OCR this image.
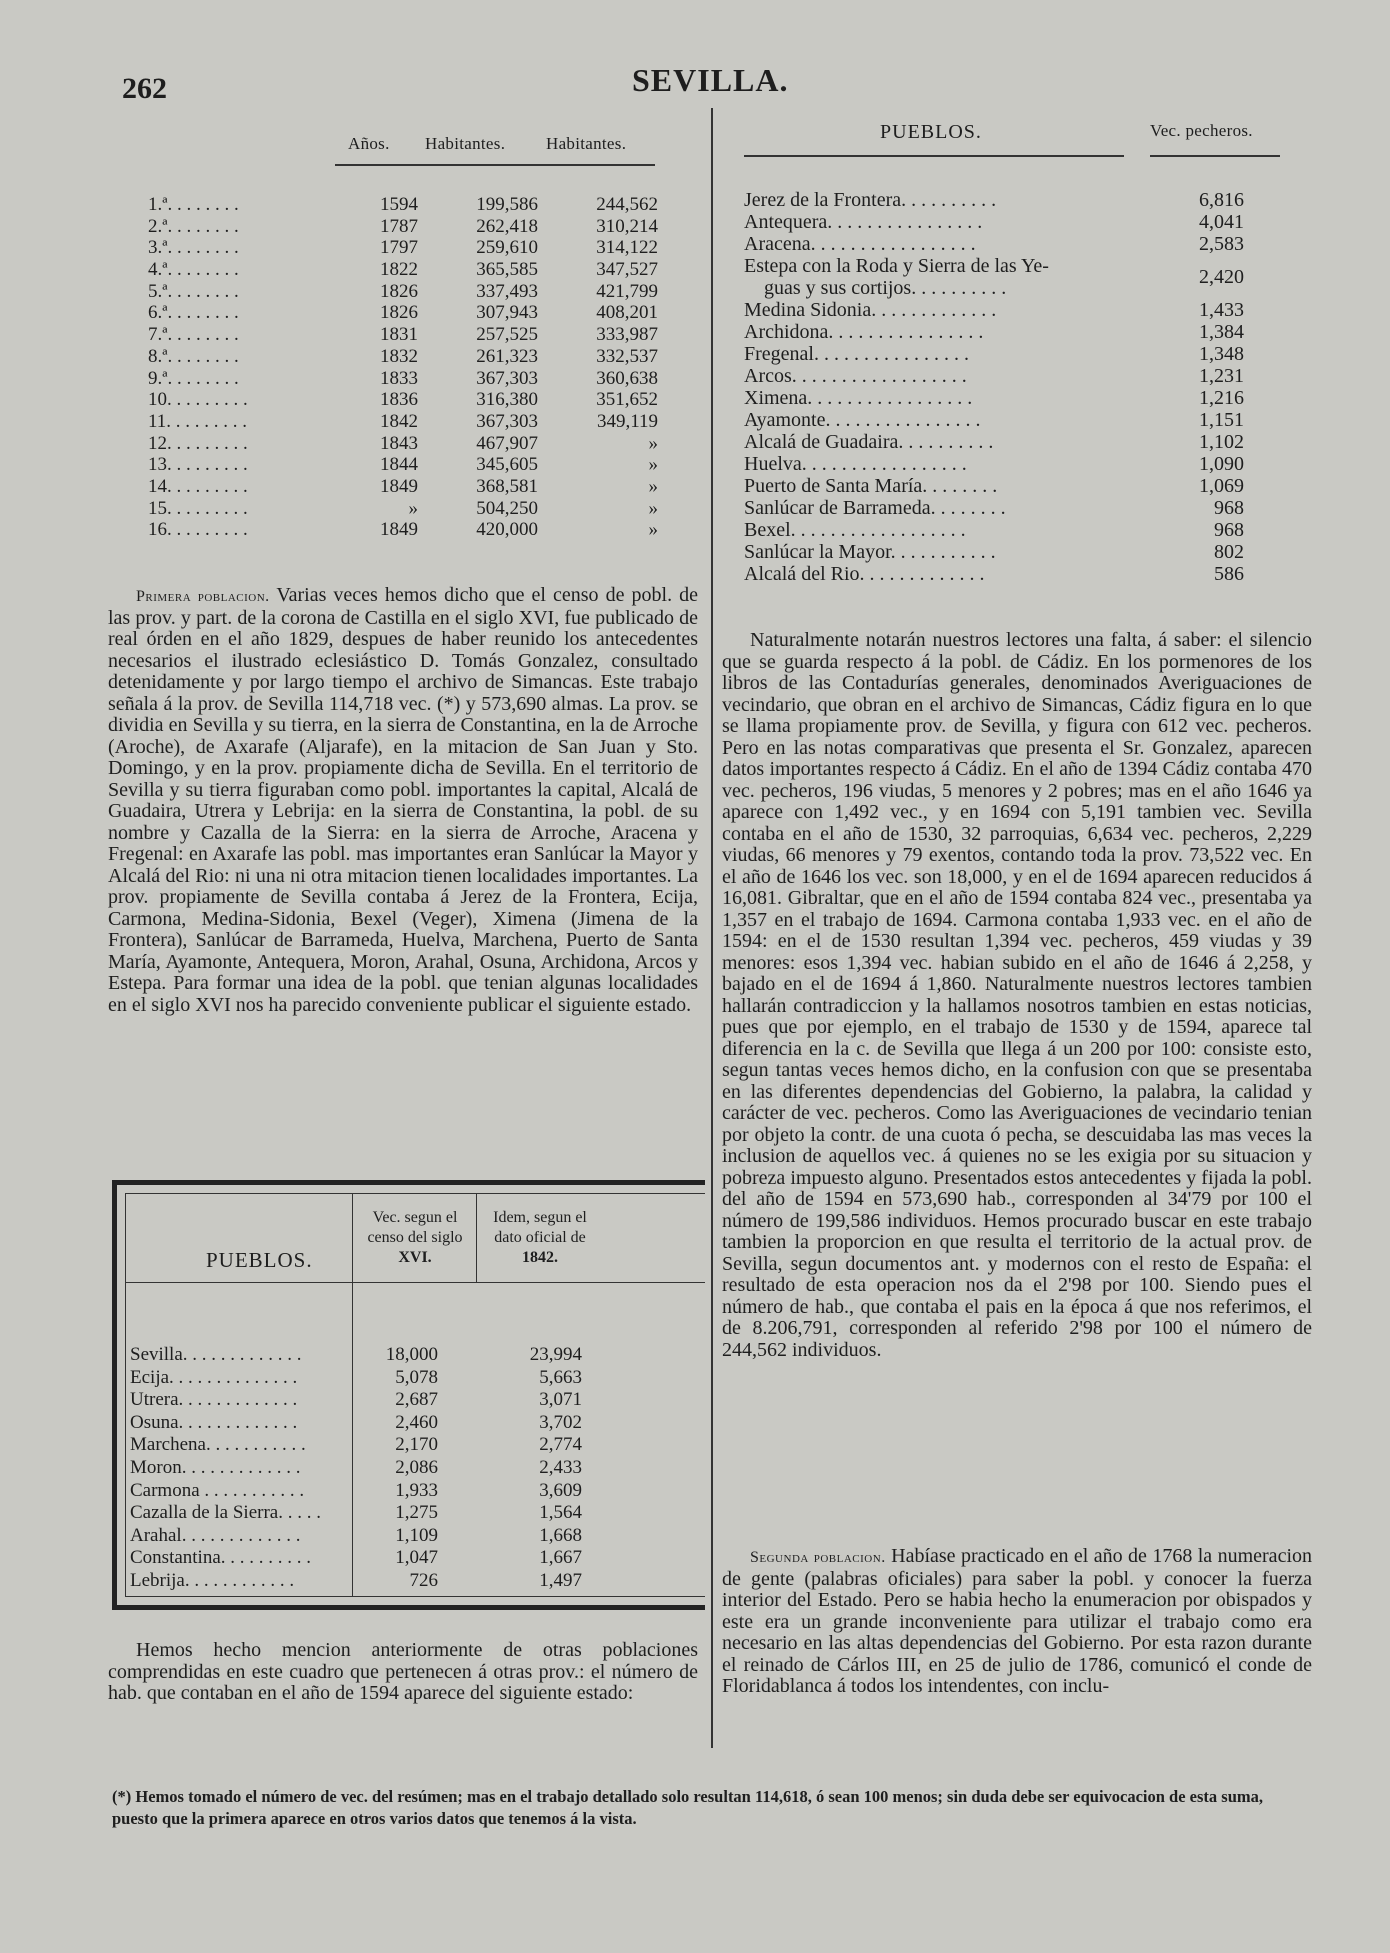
262	SEVILLA.
Años. Habitantes. Habitantes.
1.ª. . . . . . . .	1594	199,586	244,562
2.ª. . . . . . . .	1787	262,418	310,214
3.ª. . . . . . . .	1797	259,610	314,122
4.ª. . . . . . . .	1822	365,585	347,527
5.ª. . . . . . . .	1826	337,493	421,799
6.ª. . . . . . . .	1826	307,943	408,201
7.ª. . . . . . . .	1831	257,525	333,987
8.ª. . . . . . . .	1832	261,323	332,537
9.ª. . . . . . . .	1833	367,303	360,638
10. . . . . . . . .	1836	316,380	351,652
11. . . . . . . . .	1842	367,303	349,119
12. . . . . . . . .	1843	467,907	»
13. . . . . . . . .	1844	345,605	»
14. . . . . . . . .	1849	368,581	»
15. . . . . . . . .	»	504,250	»
16. . . . . . . . .	1849	420,000	»
Primera poblacion. Varias veces hemos dicho que el censo de pobl. de las prov. y part. de la corona de Castilla en el siglo XVI, fue publicado de real órden en el año 1829, despues de haber reunido los antecedentes necesarios el ilustrado eclesiástico D. Tomás Gonzalez, consultado detenidamente y por largo tiempo el archivo de Simancas. Este trabajo señala á la prov. de Sevilla 114,718 vec. (*) y 573,690 almas. La prov. se dividia en Sevilla y su tierra, en la sierra de Constantina, en la de Arroche (Aroche), de Axarafe (Aljarafe), en la mitacion de San Juan y Sto. Domingo, y en la prov. propiamente dicha de Sevilla. En el territorio de Sevilla y su tierra figuraban como pobl. importantes la capital, Alcalá de Guadaira, Utrera y Lebrija: en la sierra de Constantina, la pobl. de su nombre y Cazalla de la Sierra: en la sierra de Arroche, Aracena y Fregenal: en Axarafe las pobl. mas importantes eran Sanlúcar la Mayor y Alcalá del Rio: ni una ni otra mitacion tienen localidades importantes. La prov. propiamente de Sevilla contaba á Jerez de la Frontera, Ecija, Carmona, Medina-Sidonia, Bexel (Veger), Ximena (Jimena de la Frontera), Sanlúcar de Barrameda, Huelva, Marchena, Puerto de Santa María, Ayamonte, Antequera, Moron, Arahal, Osuna, Archidona, Arcos y Estepa. Para formar una idea de la pobl. que tenian algunas localidades en el siglo XVI nos ha parecido conveniente publicar el siguiente estado.
PUEBLOS.
Vec. segun el censo del siglo
XVI.
Idem, segun el dato oficial de
1842.
Sevilla. . . . . . . . . . . . .	18,000	23,994
Ecija. . . . . . . . . . . . . .	5,078	5,663
Utrera. . . . . . . . . . . . .	2,687	3,071
Osuna. . . . . . . . . . . . .	2,460	3,702
Marchena. . . . . . . . . . .	2,170	2,774
Moron. . . . . . . . . . . . .	2,086	2,433
Carmona . . . . . . . . . . .	1,933	3,609
Cazalla de la Sierra. . . . .	1,275	1,564
Arahal. . . . . . . . . . . . .	1,109	1,668
Constantina. . . . . . . . . .	1,047	1,667
Lebrija. . . . . . . . . . . .	726	1,497
Hemos hecho mencion anteriormente de otras poblaciones comprendidas en este cuadro que pertenecen á otras prov.: el número de hab. que contaban en el año de 1594 aparece del siguiente estado:
PUEBLOS.	Vec. pecheros.
Jerez de la Frontera. . . . . . . . . .	6,816
Antequera. . . . . . . . . . . . . . . .	4,041
Aracena. . . . . . . . . . . . . . . . .	2,583
Estepa con la Roda y Sierra de las Ye-
guas y sus cortijos. . . . . . . . . .	2,420
Medina Sidonia. . . . . . . . . . . . .	1,433
Archidona. . . . . . . . . . . . . . . .	1,384
Fregenal. . . . . . . . . . . . . . . .	1,348
Arcos. . . . . . . . . . . . . . . . . .	1,231
Ximena. . . . . . . . . . . . . . . . .	1,216
Ayamonte. . . . . . . . . . . . . . . .	1,151
Alcalá de Guadaira. . . . . . . . . .	1,102
Huelva. . . . . . . . . . . . . . . . .	1,090
Puerto de Santa María. . . . . . . .	1,069
Sanlúcar de Barrameda. . . . . . . .	968
Bexel. . . . . . . . . . . . . . . . . .	968
Sanlúcar la Mayor. . . . . . . . . . .	802
Alcalá del Rio. . . . . . . . . . . . .	586
Naturalmente notarán nuestros lectores una falta, á saber: el silencio que se guarda respecto á la pobl. de Cádiz. En los pormenores de los libros de las Contadurías generales, denominados Averiguaciones de vecindario, que obran en el archivo de Simancas, Cádiz figura en lo que se llama propiamente prov. de Sevilla, y figura con 612 vec. pecheros. Pero en las notas comparativas que presenta el Sr. Gonzalez, aparecen datos importantes respecto á Cádiz. En el año de 1394 Cádiz contaba 470 vec. pecheros, 196 viudas, 5 menores y 2 pobres; mas en el año 1646 ya aparece con 1,492 vec., y en 1694 con 5,191 tambien vec. Sevilla contaba en el año de 1530, 32 parroquias, 6,634 vec. pecheros, 2,229 viudas, 66 menores y 79 exentos, contando toda la prov. 73,522 vec. En el año de 1646 los vec. son 18,000, y en el de 1694 aparecen reducidos á 16,081. Gibraltar, que en el año de 1594 contaba 824 vec., presentaba ya 1,357 en el trabajo de 1694. Carmona contaba 1,933 vec. en el año de 1594: en el de 1530 resultan 1,394 vec. pecheros, 459 viudas y 39 menores: esos 1,394 vec. habian subido en el año de 1646 á 2,258, y bajado en el de 1694 á 1,860. Naturalmente nuestros lectores tambien hallarán contradiccion y la hallamos nosotros tambien en estas noticias, pues que por ejemplo, en el trabajo de 1530 y de 1594, aparece tal diferencia en la c. de Sevilla que llega á un 200 por 100: consiste esto, segun tantas veces hemos dicho, en la confusion con que se presentaba en las diferentes dependencias del Gobierno, la palabra, la calidad y carácter de vec. pecheros. Como las Averiguaciones de vecindario tenian por objeto la contr. de una cuota ó pecha, se descuidaba las mas veces la inclusion de aquellos vec. á quienes no se les exigia por su situacion y pobreza impuesto alguno. Presentados estos antecedentes y fijada la pobl. del año de 1594 en 573,690 hab., corresponden al 34'79 por 100 el número de 199,586 individuos. Hemos procurado buscar en este trabajo tambien la proporcion en que resulta el territorio de la actual prov. de Sevilla, segun documentos ant. y modernos con el resto de España: el resultado de esta operacion nos da el 2'98 por 100. Siendo pues el número de hab., que contaba el pais en la época á que nos referimos, el de 8.206,791, corresponden al referido 2'98 por 100 el número de 244,562 individuos.
Segunda poblacion. Habíase practicado en el año de 1768 la numeracion de gente (palabras oficiales) para saber la pobl. y conocer la fuerza interior del Estado. Pero se habia hecho la enumeracion por obispados y este era un grande inconveniente para utilizar el trabajo como era necesario en las altas dependencias del Gobierno. Por esta razon durante el reinado de Cárlos III, en 25 de julio de 1786, comunicó el conde de Floridablanca á todos los intendentes, con inclu-
(*) Hemos tomado el número de vec. del resúmen; mas en el trabajo detallado solo resultan 114,618, ó sean 100 menos; sin duda debe ser equivocacion de esta suma, puesto que la primera aparece en otros varios datos que tenemos á la vista.
